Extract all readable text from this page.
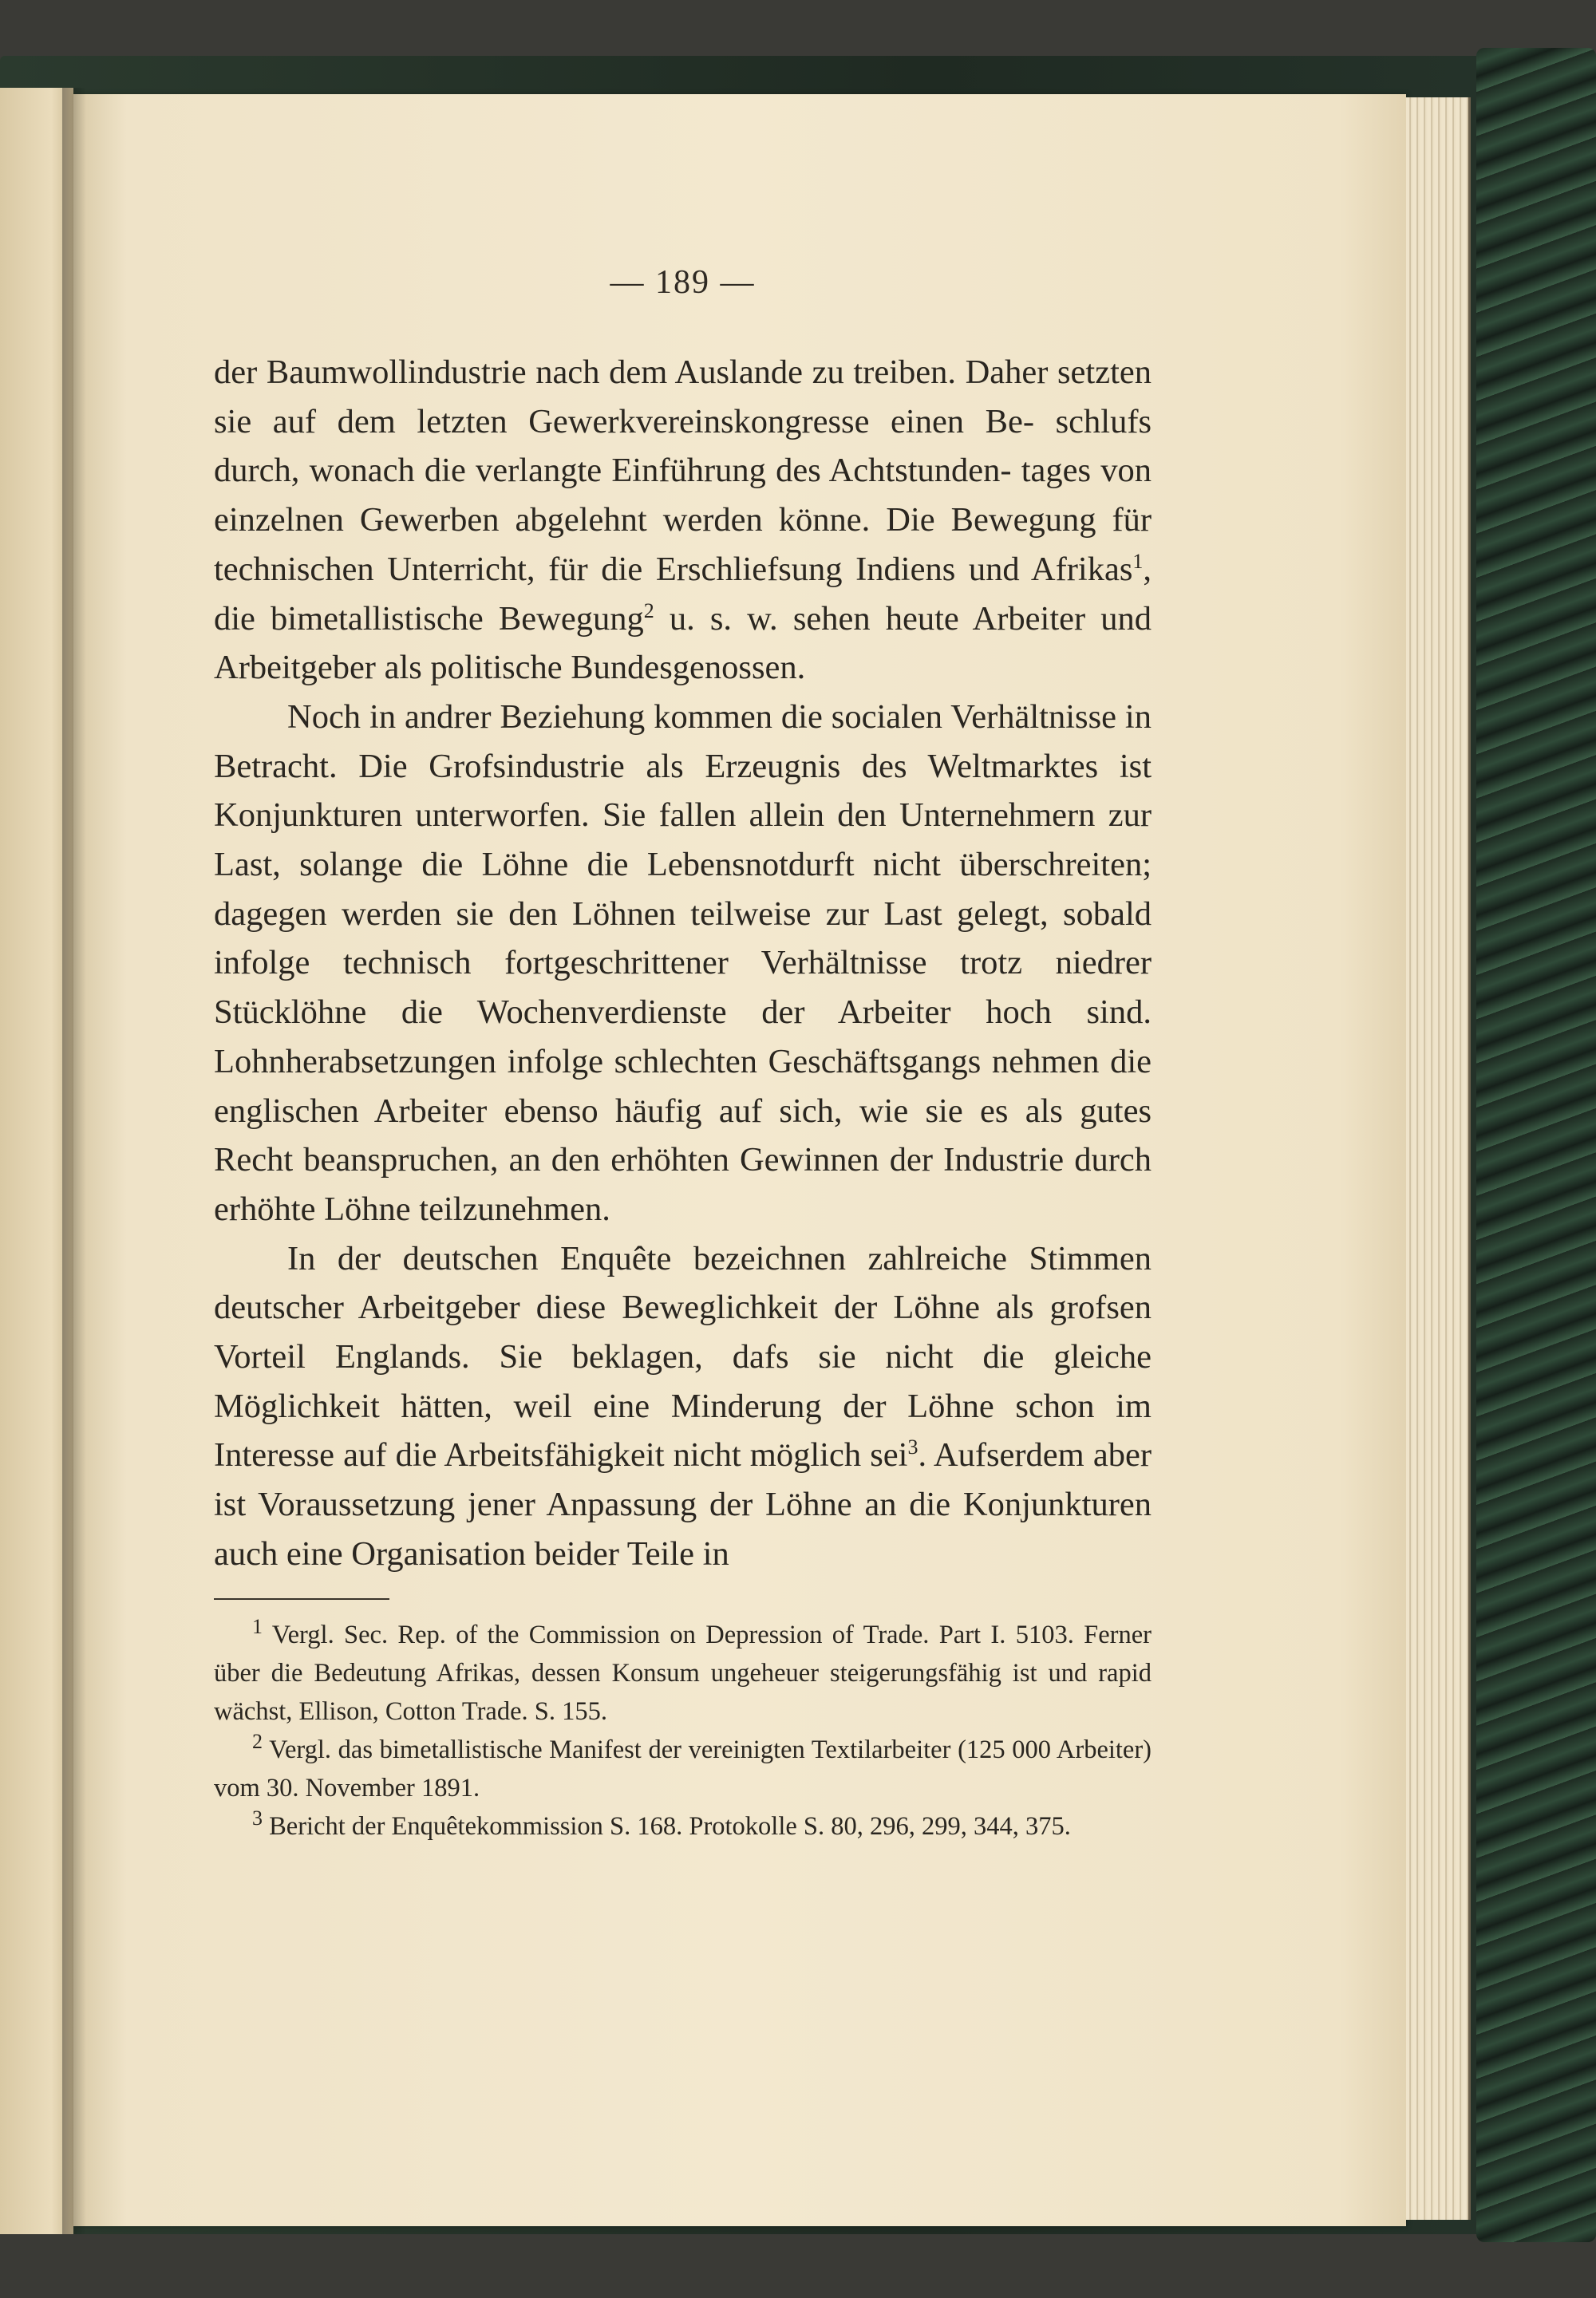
— 189 —

der Baumwollindustrie nach dem Auslande zu treiben. Daher setzten sie auf dem letzten Gewerkvereinskongresse einen Be- schlufs durch, wonach die verlangte Einführung des Achtstunden- tages von einzelnen Gewerben abgelehnt werden könne. Die Bewegung für technischen Unterricht, für die Erschliefsung Indiens und Afrikas$^1$, die bimetallistische Bewegung$^2$ u. s. w. sehen heute Arbeiter und Arbeitgeber als politische Bundesgenossen.

Noch in andrer Beziehung kommen die socialen Verhältnisse in Betracht. Die Grofsindustrie als Erzeugnis des Weltmarktes ist Konjunkturen unterworfen. Sie fallen allein den Unternehmern zur Last, solange die Löhne die Lebensnotdurft nicht überschreiten; dagegen werden sie den Löhnen teilweise zur Last gelegt, sobald infolge technisch fortgeschrittener Verhältnisse trotz niedrer Stücklöhne die Wochenverdienste der Arbeiter hoch sind. Lohnherabsetzungen infolge schlechten Geschäftsgangs nehmen die englischen Arbeiter ebenso häufig auf sich, wie sie es als gutes Recht beanspruchen, an den erhöhten Gewinnen der Industrie durch erhöhte Löhne teilzunehmen.

In der deutschen Enquête bezeichnen zahlreiche Stimmen deutscher Arbeitgeber diese Beweglichkeit der Löhne als grofsen Vorteil Englands. Sie beklagen, dafs sie nicht die gleiche Möglichkeit hätten, weil eine Minderung der Löhne schon im Interesse auf die Arbeitsfähigkeit nicht möglich sei$^3$. Aufserdem aber ist Voraussetzung jener Anpassung der Löhne an die Konjunkturen auch eine Organisation beider Teile in

$^1$ Vergl. Sec. Rep. of the Commission on Depression of Trade. Part I. 5103. Ferner über die Bedeutung Afrikas, dessen Konsum ungeheuer steigerungsfähig ist und rapid wächst, Ellison, Cotton Trade. S. 155.

$^2$ Vergl. das bimetallistische Manifest der vereinigten Textilarbeiter (125 000 Arbeiter) vom 30. November 1891.

$^3$ Bericht der Enquêtekommission S. 168. Protokolle S. 80, 296, 299, 344, 375.
